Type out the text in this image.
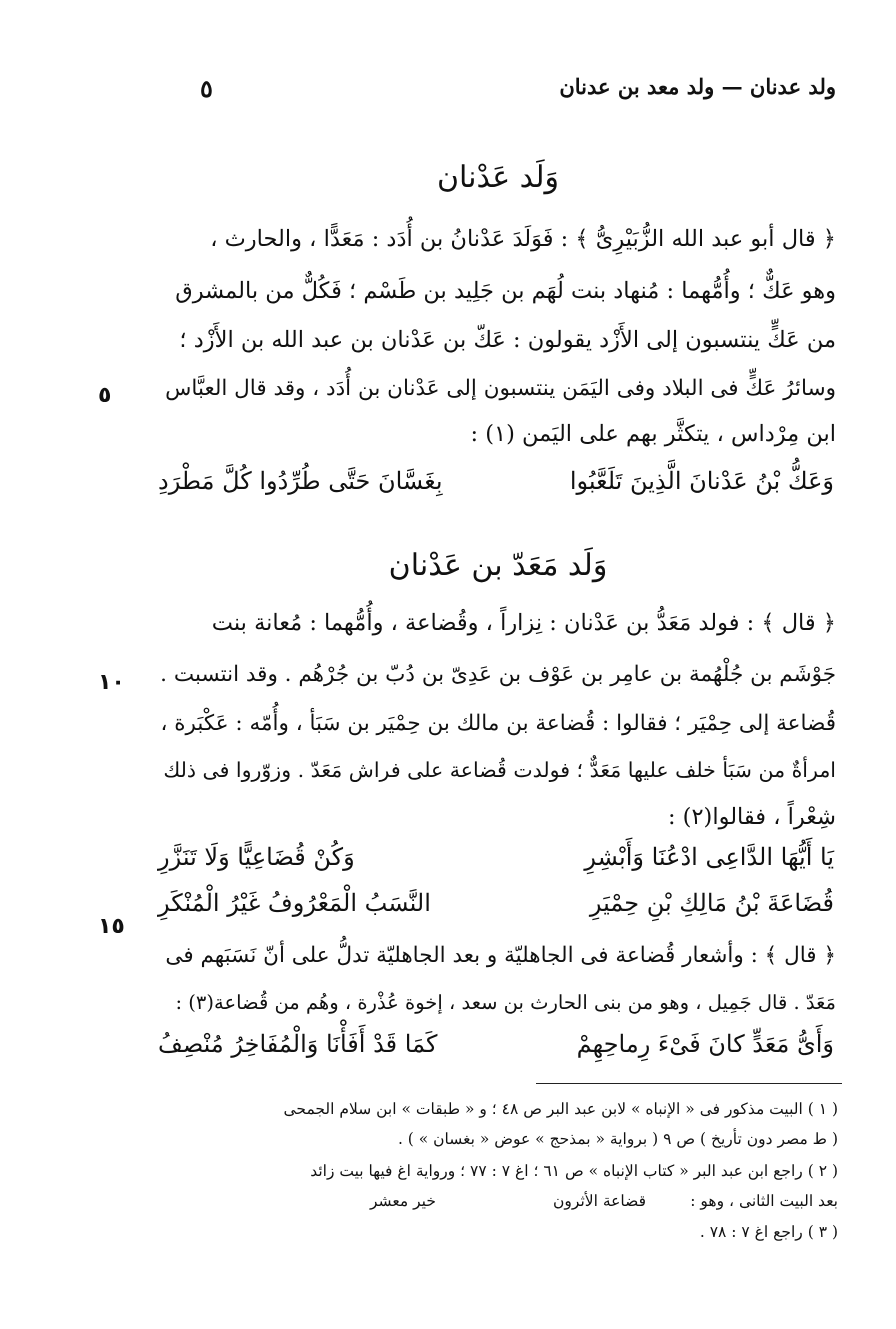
ولد عدنان — ولد معد بن عدنان
٥
وَلَد عَدْنان
﴿ قال أبو عبد الله الزُّبَيْرِىُّ ﴾ : فَوَلَدَ عَدْنانُ بن أُدَد : مَعَدًّا ، والحارث ،
وهو عَكٌّ ؛ وأُمُّهما : مُنهاد بنت لُهَم بن جَلِيد بن طَسْم ؛ فَكُلٌّ من بالمشرق
من عَكٍّ ينتسبون إلى الأَزْد يقولون : عَكّ بن عَدْنان بن عبد الله بن الأَزْد ؛
وسائرُ عَكٍّ فى البلاد وفى اليَمَن ينتسبون إلى عَدْنان بن أُدَد ، وقد قال العبَّاس
ابن مِرْداس ، يتكثَّر بهم على اليَمن (١) :
وَعَكُّ بْنُ عَدْنانَ الَّذِينَ تَلَعَّبُوا
بِغَسَّانَ حَتَّى طُرِّدُوا كُلَّ مَطْرَدِ
وَلَد مَعَدّ بن عَدْنان
﴿ قال ﴾ : فولد مَعَدُّ بن عَدْنان : نِزاراً ، وقُضاعة ، وأُمُّهما : مُعانة بنت
جَوْشَم بن جُلْهُمة بن عامِر بن عَوْف بن عَدِىّ بن دُبّ بن جُرْهُم . وقد انتسبت .
قُضاعة إلى حِمْيَر ؛ فقالوا : قُضاعة بن مالك بن حِمْيَر بن سَبَأ ، وأُمّه : عَكْبَرة ،
امرأةٌ من سَبَأ خلف عليها مَعَدٌّ ؛ فولدت قُضاعة على فراش مَعَدّ . وزوّروا فى ذلك
شِعْراً ، فقالوا(٢) :
يَا أَيُّهَا الدَّاعِى ادْعُنَا وَأَبْشِرِ
وَكُنْ قُضَاعِيًّا وَلَا تَنَزَّرِ
قُضَاعَةَ بْنُ مَالِكِ بْنِ حِمْيَرِ
النَّسَبُ الْمَعْرُوفُ غَيْرُ الْمُنْكَرِ
﴿ قال ﴾ : وأشعار قُضاعة فى الجاهليّة و بعد الجاهليّة تدلُّ على أنّ نَسَبَهم فى
مَعَدّ . قال جَمِيل ، وهو من بنى الحارث بن سعد ، إخوة عُذْرة ، وهُم من قُضاعة(٣) :
وَأَىُّ مَعَدٍّ كانَ فَىْءَ رِماحِهِمْ
كَمَا قَدْ أَفَأْنَا وَالْمُفَاخِرُ مُنْصِفُ
٥
١٠
١٥
( ١ ) البيت مذكور فى « الإنباه » لابن عبد البر ص ٤٨ ؛ و « طبقات » ابن سلام الجمحى
( ط مصر دون تأريخ ) ص ٩ ( برواية « بمذحج » عوض « بغسان » ) .
( ٢ ) راجع ابن عبد البر « كتاب الإنباه » ص ٦١ ؛ اغ ٧ : ٧٧ ؛ ورواية اغ فيها بيت زائد
بعد البيت الثانى ، وهو :
قضاعة الأثرون
خير معشر
( ٣ ) راجع اغ ٧ : ٧٨ .
